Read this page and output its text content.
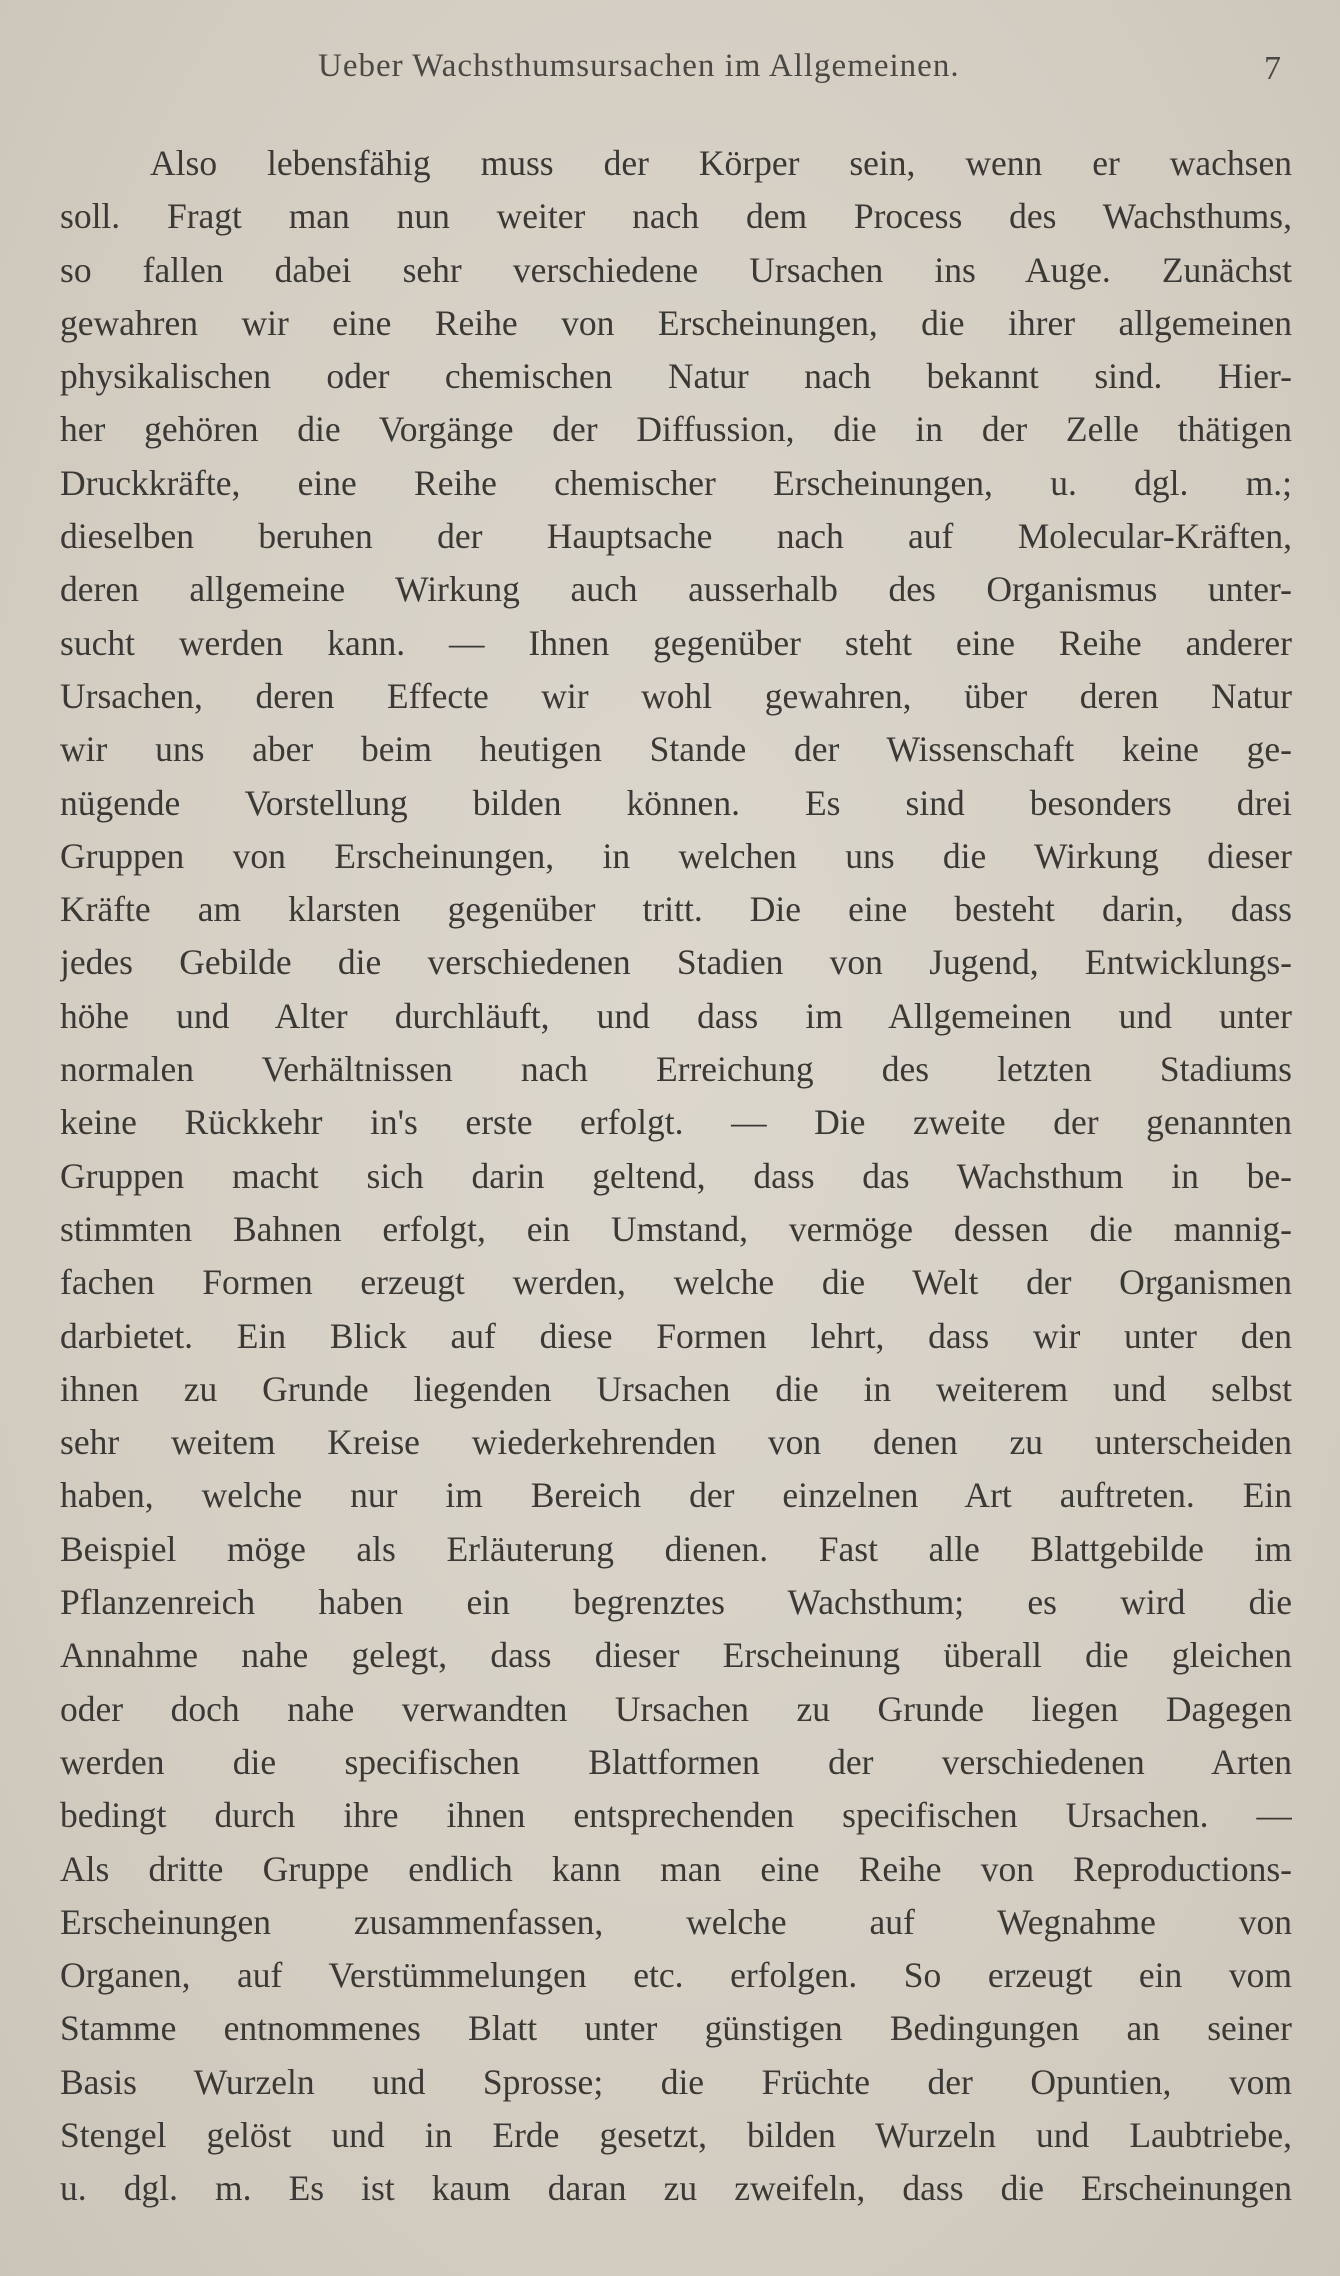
Ueber Wachsthumsursachen im Allgemeinen.	7
Also lebensfähig muss der Körper sein, wenn er wachsen
soll. Fragt man nun weiter nach dem Process des Wachsthums,
so fallen dabei sehr verschiedene Ursachen ins Auge. Zunächst
gewahren wir eine Reihe von Erscheinungen, die ihrer allgemeinen
physikalischen oder chemischen Natur nach bekannt sind. Hier-
her gehören die Vorgänge der Diffussion, die in der Zelle thätigen
Druckkräfte, eine Reihe chemischer Erscheinungen, u. dgl. m.;
dieselben beruhen der Hauptsache nach auf Molecular-Kräften,
deren allgemeine Wirkung auch ausserhalb des Organismus unter-
sucht werden kann. — Ihnen gegenüber steht eine Reihe anderer
Ursachen, deren Effecte wir wohl gewahren, über deren Natur
wir uns aber beim heutigen Stande der Wissenschaft keine ge-
nügende Vorstellung bilden können. Es sind besonders drei
Gruppen von Erscheinungen, in welchen uns die Wirkung dieser
Kräfte am klarsten gegenüber tritt. Die eine besteht darin, dass
jedes Gebilde die verschiedenen Stadien von Jugend, Entwicklungs-
höhe und Alter durchläuft, und dass im Allgemeinen und unter
normalen Verhältnissen nach Erreichung des letzten Stadiums
keine Rückkehr in's erste erfolgt. — Die zweite der genannten
Gruppen macht sich darin geltend, dass das Wachsthum in be-
stimmten Bahnen erfolgt, ein Umstand, vermöge dessen die mannig-
fachen Formen erzeugt werden, welche die Welt der Organismen
darbietet. Ein Blick auf diese Formen lehrt, dass wir unter den
ihnen zu Grunde liegenden Ursachen die in weiterem und selbst
sehr weitem Kreise wiederkehrenden von denen zu unterscheiden
haben, welche nur im Bereich der einzelnen Art auftreten. Ein
Beispiel möge als Erläuterung dienen. Fast alle Blattgebilde im
Pflanzenreich haben ein begrenztes Wachsthum; es wird die
Annahme nahe gelegt, dass dieser Erscheinung überall die gleichen
oder doch nahe verwandten Ursachen zu Grunde liegen Dagegen
werden die specifischen Blattformen der verschiedenen Arten
bedingt durch ihre ihnen entsprechenden specifischen Ursachen. —
Als dritte Gruppe endlich kann man eine Reihe von Reproductions-
Erscheinungen zusammenfassen, welche auf Wegnahme von
Organen, auf Verstümmelungen etc. erfolgen. So erzeugt ein vom
Stamme entnommenes Blatt unter günstigen Bedingungen an seiner
Basis Wurzeln und Sprosse; die Früchte der Opuntien, vom
Stengel gelöst und in Erde gesetzt, bilden Wurzeln und Laubtriebe,
u. dgl. m. Es ist kaum daran zu zweifeln, dass die Erscheinungen
